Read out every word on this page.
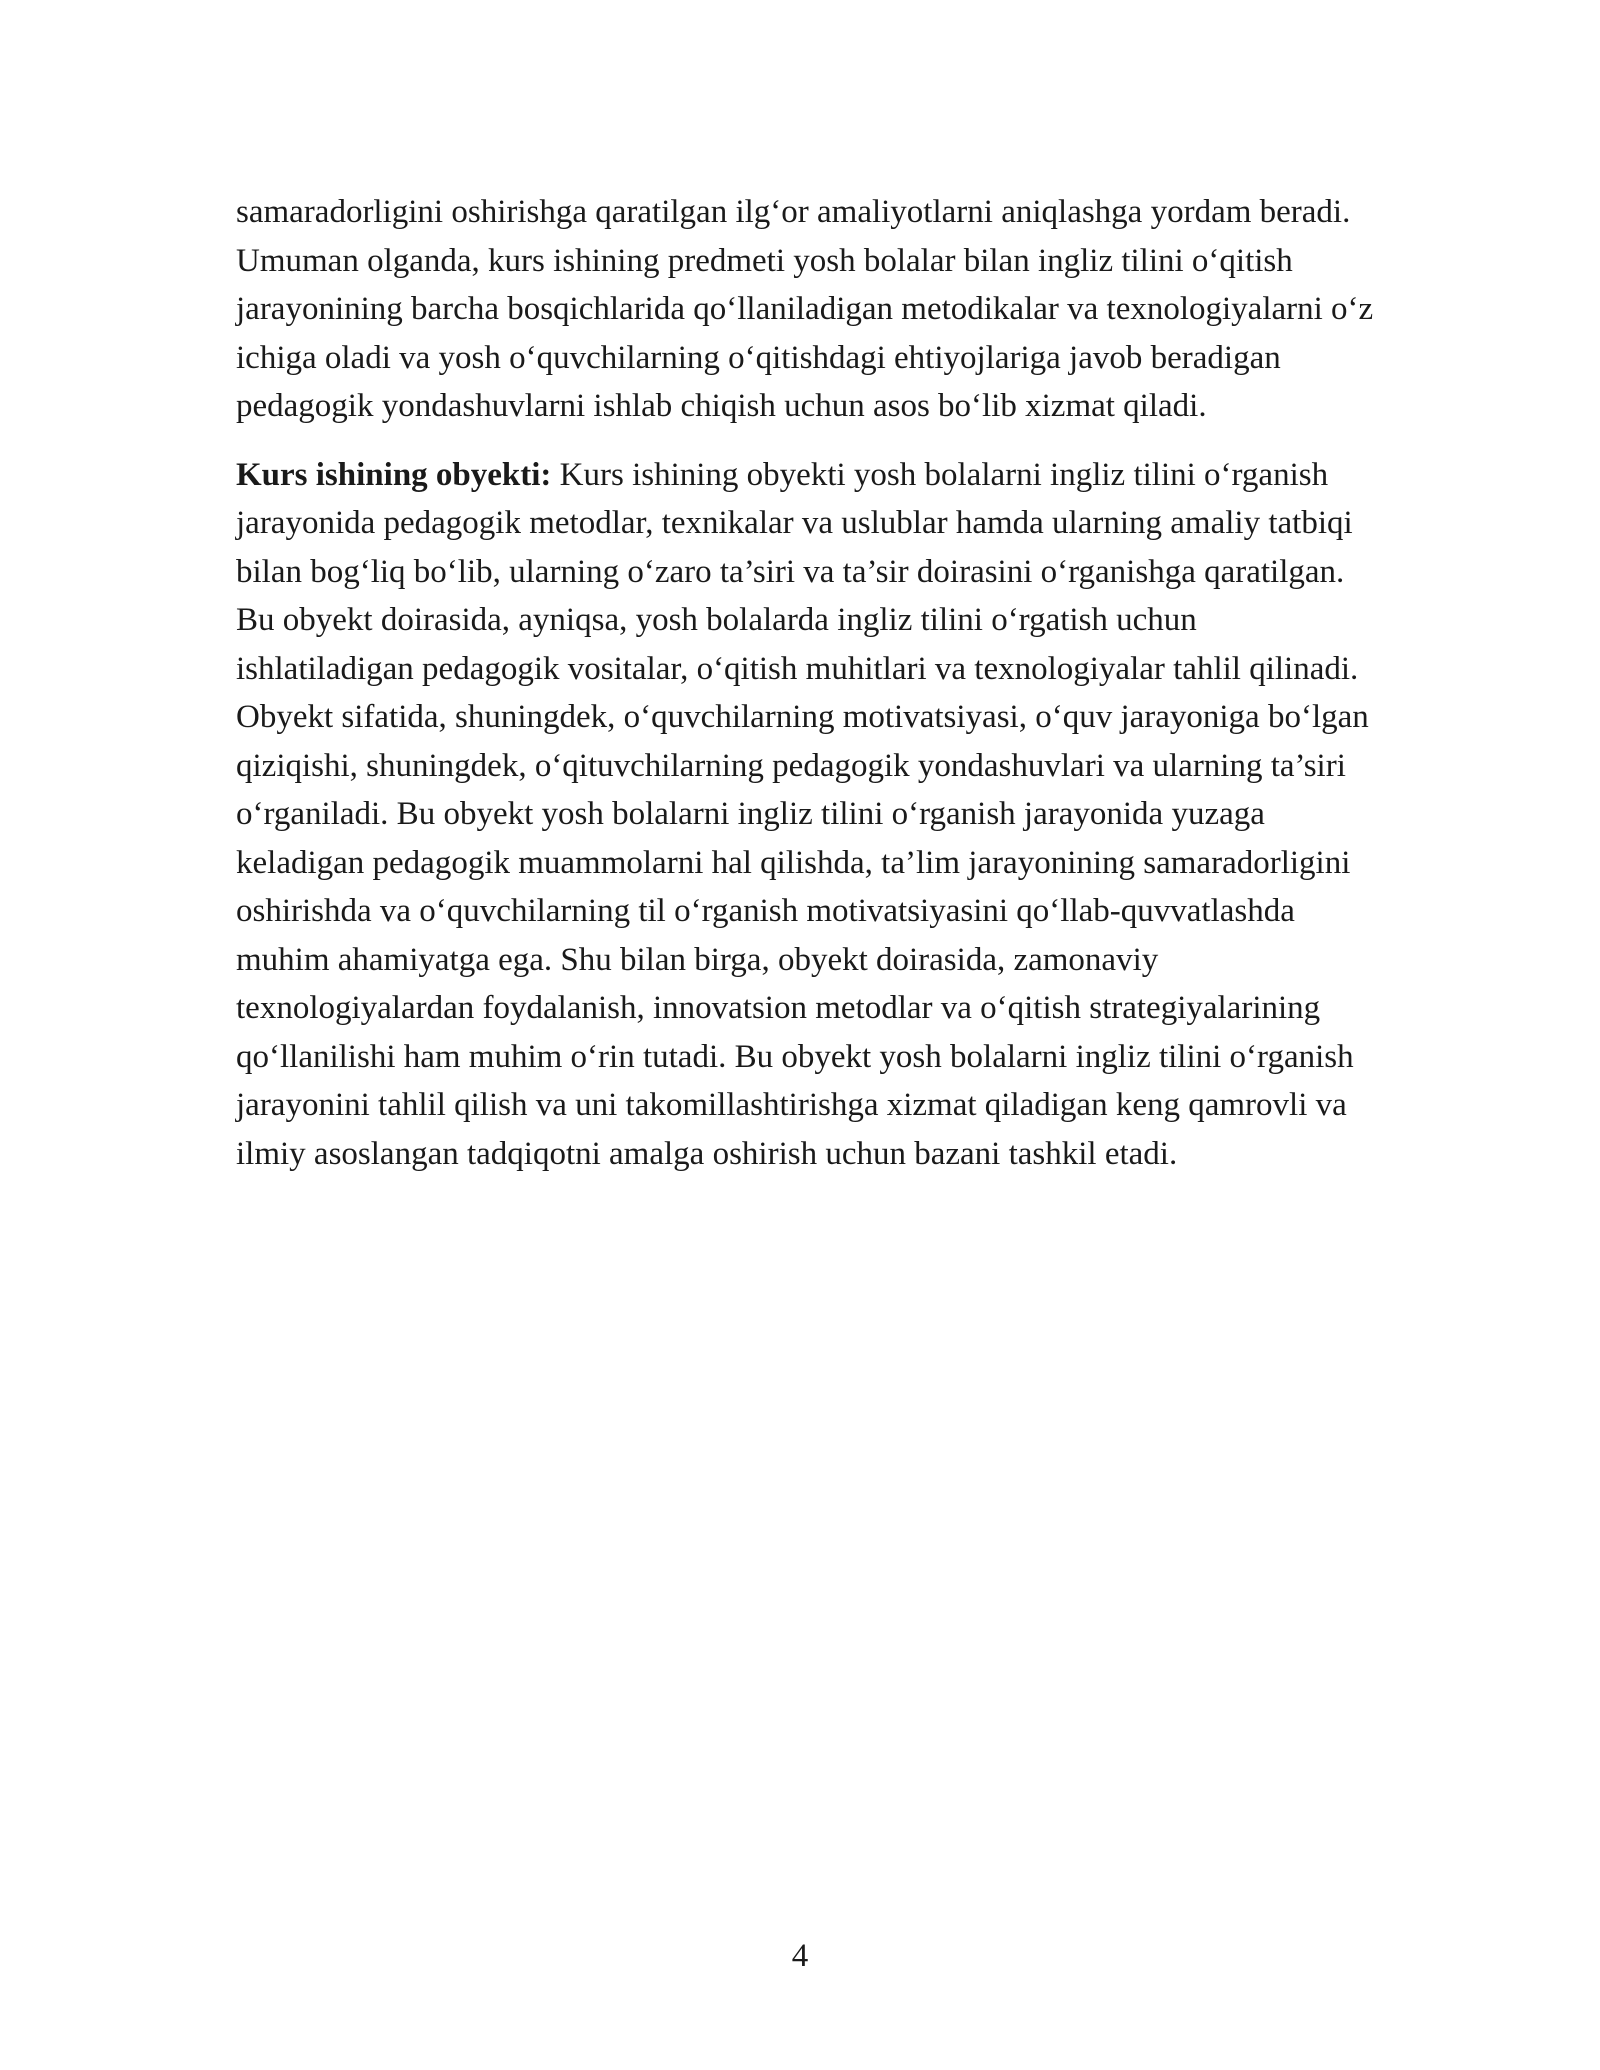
samaradorligini oshirishga qaratilgan ilg‘or amaliyotlarni aniqlashga yordam beradi. Umuman olganda, kurs ishining predmeti yosh bolalar bilan ingliz tilini o‘qitish jarayonining barcha bosqichlarida qo‘llaniladigan metodikalar va texnologiyalarni o‘z ichiga oladi va yosh o‘quvchilarning o‘qitishdagi ehtiyojlariga javob beradigan pedagogik yondashuvlarni ishlab chiqish uchun asos bo‘lib xizmat qiladi.

Kurs ishining obyekti: Kurs ishining obyekti yosh bolalarni ingliz tilini o‘rganish jarayonida pedagogik metodlar, texnikalar va uslublar hamda ularning amaliy tatbiqi bilan bog‘liq bo‘lib, ularning o‘zaro ta’siri va ta’sir doirasini o‘rganishga qaratilgan. Bu obyekt doirasida, ayniqsa, yosh bolalarda ingliz tilini o‘rgatish uchun ishlatiladigan pedagogik vositalar, o‘qitish muhitlari va texnologiyalar tahlil qilinadi. Obyekt sifatida, shuningdek, o‘quvchilarning motivatsiyasi, o‘quv jarayoniga bo‘lgan qiziqishi, shuningdek, o‘qituvchilarning pedagogik yondashuvlari va ularning ta’siri o‘rganiladi. Bu obyekt yosh bolalarni ingliz tilini o‘rganish jarayonida yuzaga keladigan pedagogik muammolarni hal qilishda, ta’lim jarayonining samaradorligini oshirishda va o‘quvchilarning til o‘rganish motivatsiyasini qo‘llab-quvvatlashda muhim ahamiyatga ega. Shu bilan birga, obyekt doirasida, zamonaviy texnologiyalardan foydalanish, innovatsion metodlar va o‘qitish strategiyalarining qo‘llanilishi ham muhim o‘rin tutadi. Bu obyekt yosh bolalarni ingliz tilini o‘rganish jarayonini tahlil qilish va uni takomillashtirishga xizmat qiladigan keng qamrovli va ilmiy asoslangan tadqiqotni amalga oshirish uchun bazani tashkil etadi.

4
